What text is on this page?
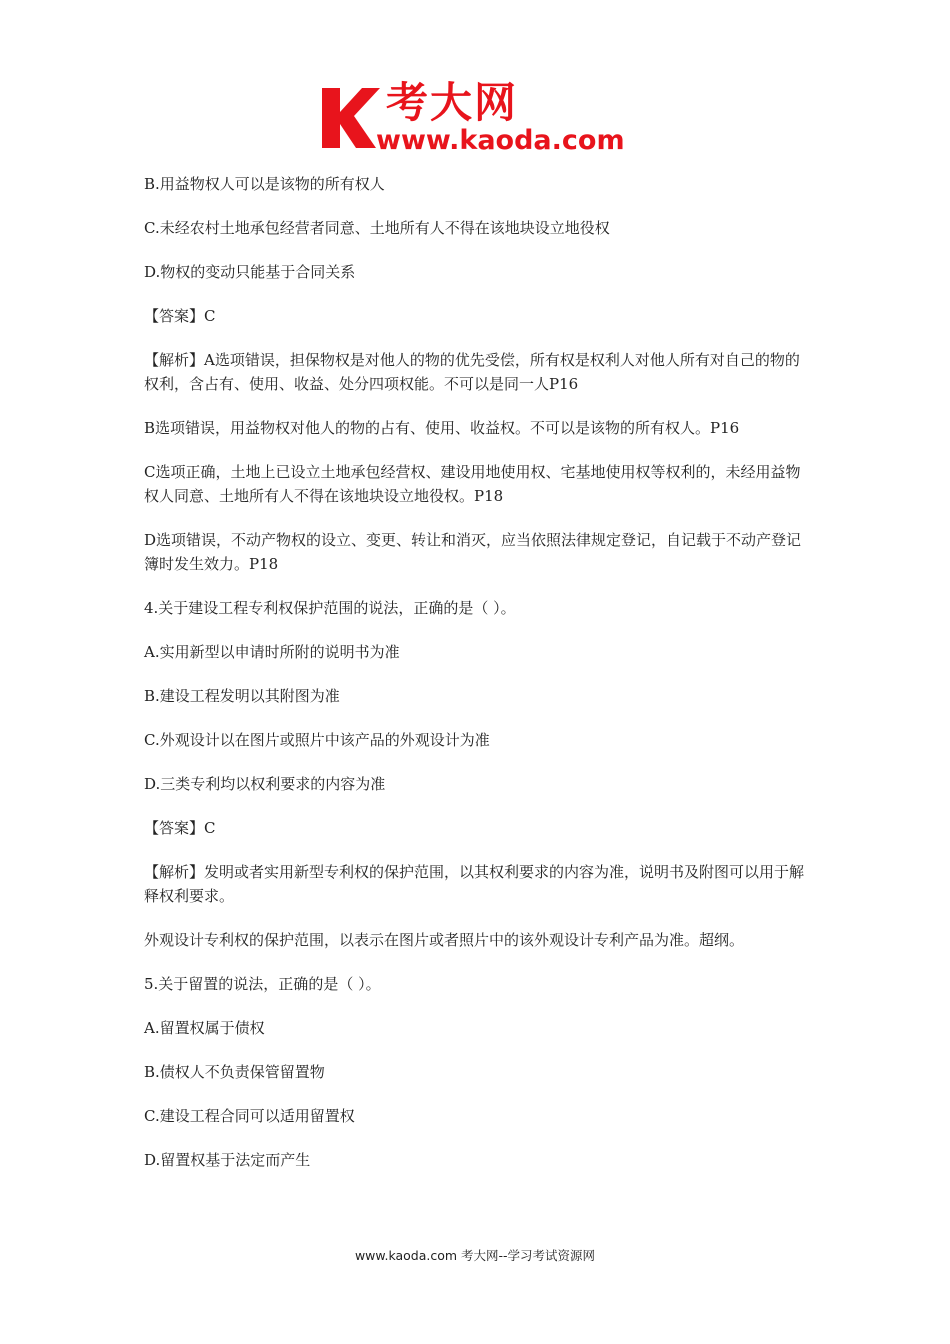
考大网
www.kaoda.com

B.用益物权人可以是该物的所有权人

C.未经农村土地承包经营者同意、土地所有人不得在该地块设立地役权

D.物权的变动只能基于合同关系

【答案】C

【解析】A选项错误，担保物权是对他人的物的优先受偿，所有权是权利人对他人所有对自己的物的权利，含占有、使用、收益、处分四项权能。不可以是同一人P16

B选项错误，用益物权对他人的物的占有、使用、收益权。不可以是该物的所有权人。P16

C选项正确，土地上已设立土地承包经营权、建设用地使用权、宅基地使用权等权利的，未经用益物权人同意、土地所有人不得在该地块设立地役权。P18

D选项错误，不动产物权的设立、变更、转让和消灭，应当依照法律规定登记，自记载于不动产登记簿时发生效力。P18

4.关于建设工程专利权保护范围的说法，正确的是（ ）。

A.实用新型以申请时所附的说明书为准

B.建设工程发明以其附图为准

C.外观设计以在图片或照片中该产品的外观设计为准

D.三类专利均以权利要求的内容为准

【答案】C

【解析】发明或者实用新型专利权的保护范围，以其权利要求的内容为准，说明书及附图可以用于解释权利要求。

外观设计专利权的保护范围，以表示在图片或者照片中的该外观设计专利产品为准。超纲。

5.关于留置的说法，正确的是（ ）。

A.留置权属于债权

B.债权人不负责保管留置物

C.建设工程合同可以适用留置权

D.留置权基于法定而产生

www.kaoda.com 考大网--学习考试资源网
